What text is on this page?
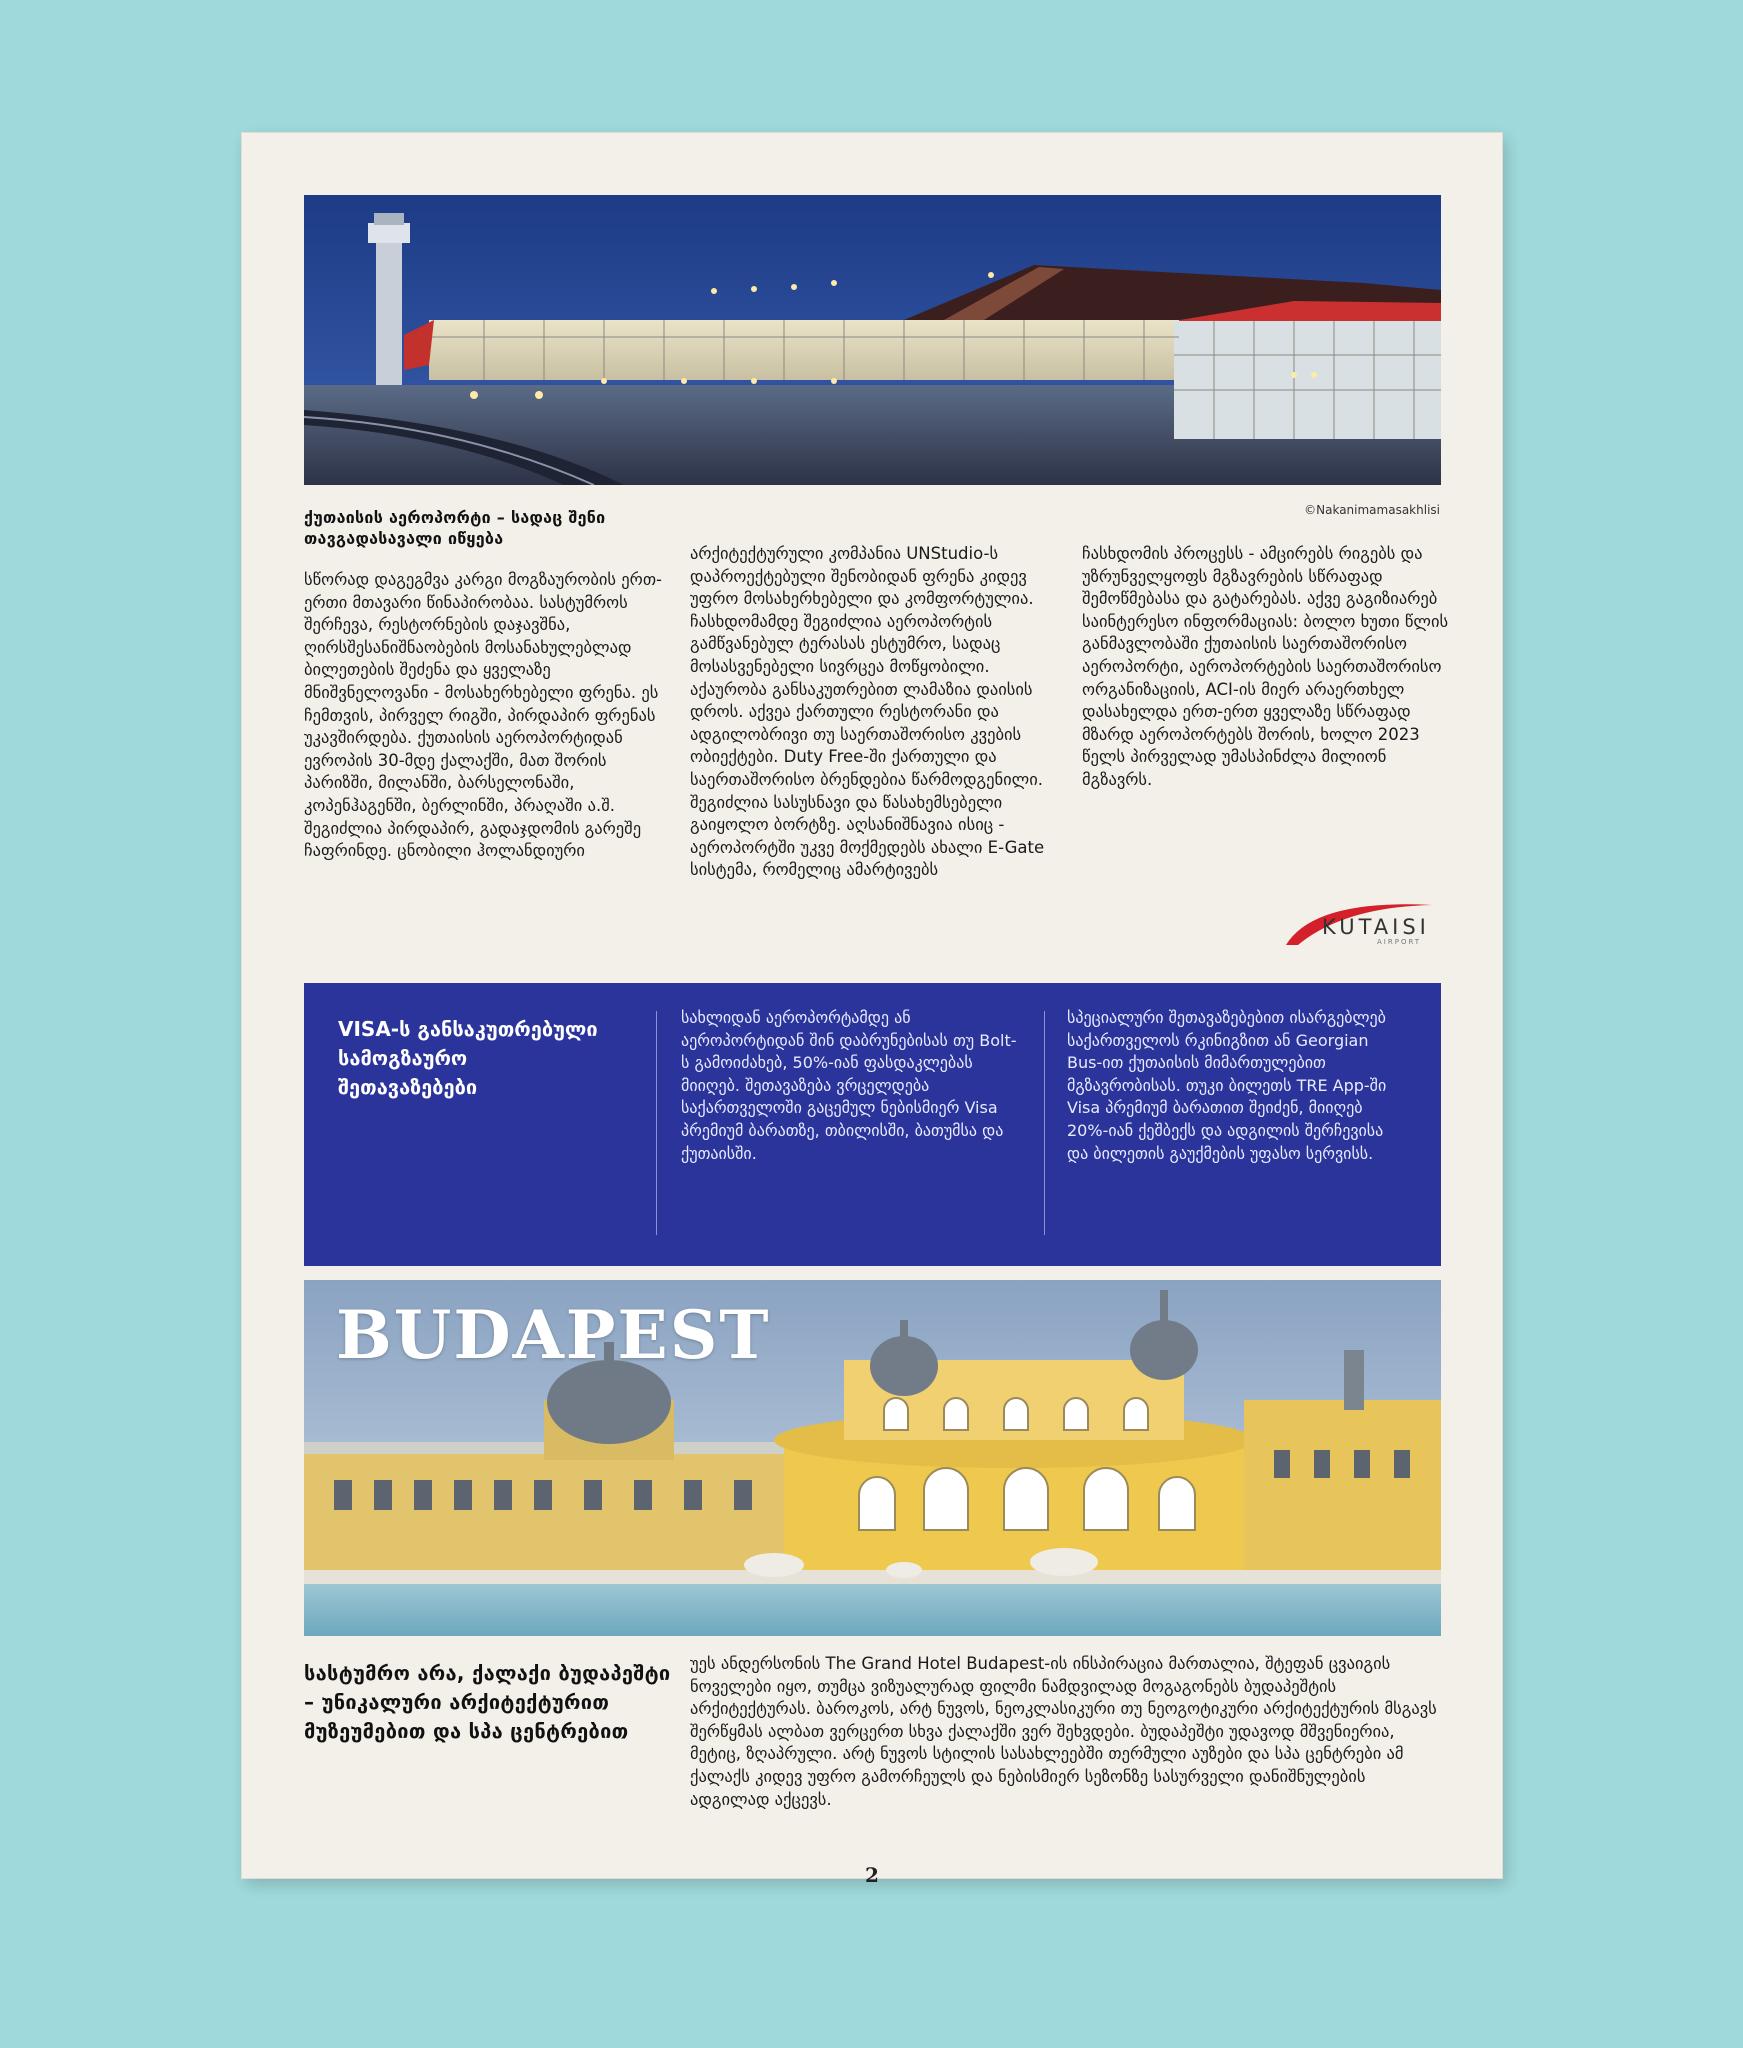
©Nakanimamasakhlisi
ქუთაისის აეროპორტი – სადაც შენი თავგადასავალი იწყება
სწორად დაგეგმვა კარგი მოგზაურობის ერთ-ერთი მთავარი წინაპირობაა. სასტუმროს შერჩევა, რესტორნების დაჯავშნა, ღირსშესანიშნაობების მოსანახულებლად ბილეთების შეძენა და ყველაზე მნიშვნელოვანი - მოსახერხებელი ფრენა. ეს ჩემთვის, პირველ რიგში, პირდაპირ ფრენას უკავშირდება. ქუთაისის აეროპორტიდან ევროპის 30-მდე ქალაქში, მათ შორის პარიზში, მილანში, ბარსელონაში, კოპენჰაგენში, ბერლინში, პრაღაში ა.შ. შეგიძლია პირდაპირ, გადაჯდომის გარეშე ჩაფრინდე. ცნობილი ჰოლანდიური
არქიტექტურული კომპანია UNStudio-ს დაპროექტებული შენობიდან ფრენა კიდევ უფრო მოსახერხებელი და კომფორტულია. ჩასხდომამდე შეგიძლია აეროპორტის გამწვანებულ ტერასას ესტუმრო, სადაც მოსასვენებელი სივრცეა მოწყობილი. აქაურობა განსაკუთრებით ლამაზია დაისის დროს. აქვეა ქართული რესტორანი და ადგილობრივი თუ საერთაშორისო კვების ობიექტები. Duty Free-ში ქართული და საერთაშორისო ბრენდებია წარმოდგენილი. შეგიძლია სასუსნავი და წასახემსებელი გაიყოლო ბორტზე. აღსანიშნავია ისიც - აეროპორტში უკვე მოქმედებს ახალი E-Gate სისტემა, რომელიც ამარტივებს
ჩასხდომის პროცესს - ამცირებს რიგებს და უზრუნველყოფს მგზავრების სწრაფად შემოწმებასა და გატარებას. აქვე გაგიზიარებ საინტერესო ინფორმაციას: ბოლო ხუთი წლის განმავლობაში ქუთაისის საერთაშორისო აეროპორტი, აეროპორტების საერთაშორისო ორგანიზაციის, ACI-ის მიერ არაერთხელ დასახელდა ერთ-ერთ ყველაზე სწრაფად მზარდ აეროპორტებს შორის, ხოლო 2023 წელს პირველად უმასპინძლა მილიონ მგზავრს.
KUTAISI
AIRPORT
VISA-ს განსაკუთრებული სამოგზაურო შეთავაზებები
სახლიდან აეროპორტამდე ან აეროპორტიდან შინ დაბრუნებისას თუ Bolt-ს გამოიძახებ, 50%-იან ფასდაკლებას მიიღებ. შეთავაზება ვრცელდება საქართველოში გაცემულ ნებისმიერ Visa პრემიუმ ბარათზე, თბილისში, ბათუმსა და ქუთაისში.
სპეციალური შეთავაზებებით ისარგებლებ საქართველოს რკინიგზით ან Georgian Bus-ით ქუთაისის მიმართულებით მგზავრობისას. თუკი ბილეთს TRE App-ში Visa პრემიუმ ბარათით შეიძენ, მიიღებ 20%-იან ქეშბექს და ადგილის შერჩევისა და ბილეთის გაუქმების უფასო სერვისს.
BUDAPEST
სასტუმრო არა, ქალაქი ბუდაპეშტი – უნიკალური არქიტექტურით მუზეუმებით და სპა ცენტრებით
უეს ანდერსონის The Grand Hotel Budapest-ის ინსპირაცია მართალია, შტეფან ცვაიგის ნოველები იყო, თუმცა ვიზუალურად ფილმი ნამდვილად მოგაგონებს ბუდაპეშტის არქიტექტურას. ბაროკოს, არტ ნუვოს, ნეოკლასიკური თუ ნეოგოტიკური არქიტექტურის მსგავს შერწყმას ალბათ ვერცერთ სხვა ქალაქში ვერ შეხვდები. ბუდაპეშტი უდავოდ მშვენიერია, მეტიც, ზღაპრული. არტ ნუვოს სტილის სასახლეებში თერმული აუზები და სპა ცენტრები ამ ქალაქს კიდევ უფრო გამორჩეულს და ნებისმიერ სეზონზე სასურველი დანიშნულების ადგილად აქცევს.
2
